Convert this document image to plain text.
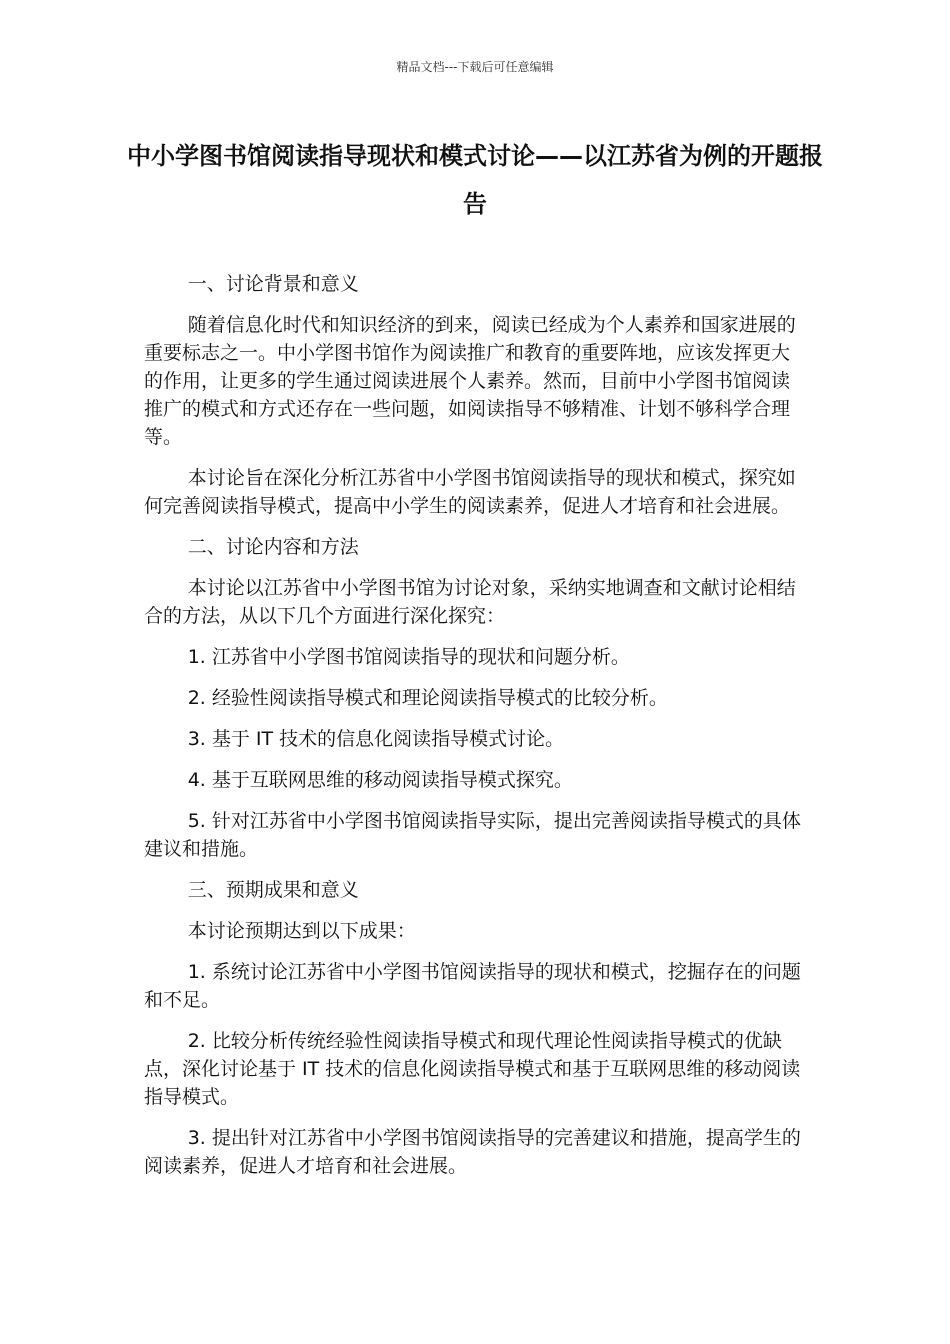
精品文档---下载后可任意编辑
中小学图书馆阅读指导现状和模式讨论——以江苏省为例的开题报告

一、讨论背景和意义

随着信息化时代和知识经济的到来，阅读已经成为个人素养和国家进展的重要标志之一。中小学图书馆作为阅读推广和教育的重要阵地，应该发挥更大的作用，让更多的学生通过阅读进展个人素养。然而，目前中小学图书馆阅读推广的模式和方式还存在一些问题，如阅读指导不够精准、计划不够科学合理等。

本讨论旨在深化分析江苏省中小学图书馆阅读指导的现状和模式，探究如何完善阅读指导模式，提高中小学生的阅读素养，促进人才培育和社会进展。

二、讨论内容和方法

本讨论以江苏省中小学图书馆为讨论对象，采纳实地调查和文献讨论相结合的方法，从以下几个方面进行深化探究：

1. 江苏省中小学图书馆阅读指导的现状和问题分析。

2. 经验性阅读指导模式和理论阅读指导模式的比较分析。

3. 基于 IT 技术的信息化阅读指导模式讨论。

4. 基于互联网思维的移动阅读指导模式探究。

5. 针对江苏省中小学图书馆阅读指导实际，提出完善阅读指导模式的具体建议和措施。

三、预期成果和意义

本讨论预期达到以下成果：

1. 系统讨论江苏省中小学图书馆阅读指导的现状和模式，挖掘存在的问题和不足。

2. 比较分析传统经验性阅读指导模式和现代理论性阅读指导模式的优缺点，深化讨论基于 IT 技术的信息化阅读指导模式和基于互联网思维的移动阅读指导模式。

3. 提出针对江苏省中小学图书馆阅读指导的完善建议和措施，提高学生的阅读素养，促进人才培育和社会进展。
